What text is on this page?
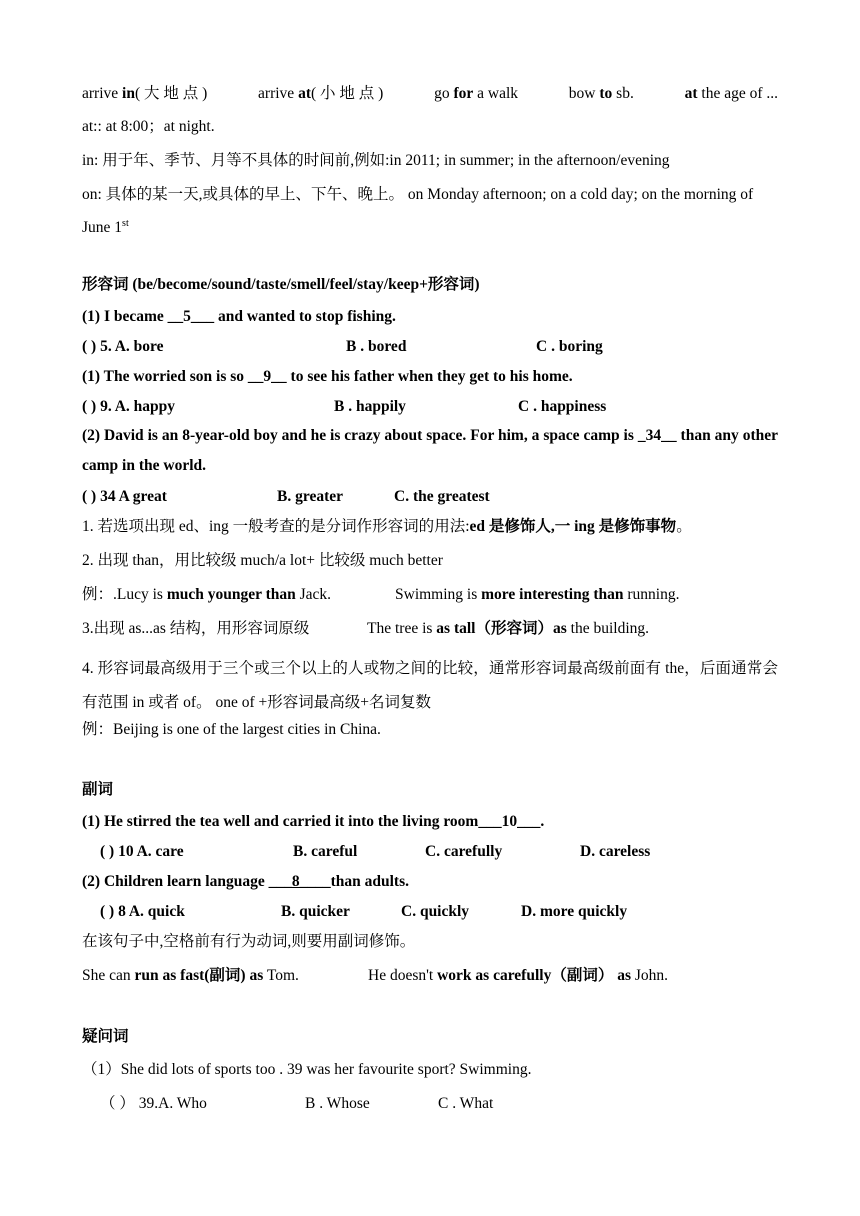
arrive in( 大 地 点 )	arrive at( 小 地 点 )	go for a walk	bow to sb.	at the age of ...
at:: at 8:00；at night.
in: 用于年、季节、月等不具体的时间前,例如:in 2011; in summer; in the afternoon/evening
on: 具体的某一天,或具体的早上、下午、晚上。 on Monday afternoon; on a cold day; on the morning of June 1st
形容词 (be/become/sound/taste/smell/feel/stay/keep+形容词)
(1) I became __5___ and wanted to stop fishing.
( ) 5. A. bore	B . bored	C . boring
(1) The worried son is so __9__ to see his father when they get to his home.
( ) 9. A. happy	B . happily	C . happiness
(2) David is an 8-year-old boy and he is crazy about space. For him, a space camp is _34__ than any other camp in the world.
( ) 34 A great	B. greater	C. the greatest
1. 若选项出现 ed、ing 一般考查的是分词作形容词的用法:ed 是修饰人,一 ing 是修饰事物。
2. 出现 than，用比较级 much/a lot+ 比较级 much better
例：.Lucy is much younger than Jack.	Swimming is more interesting than running.
3.出现 as...as 结构，用形容词原级	The tree is as tall（形容词）as the building.
4. 形容词最高级用于三个或三个以上的人或物之间的比较，通常形容词最高级前面有 the，后面通常会有范围 in 或者 of。 one of +形容词最高级+名词复数
例：Beijing is one of the largest cities in China.
副词
(1) He stirred the tea well and carried it into the living room___10___.
( ) 10 A. care	B. careful	C. carefully	D. careless
(2) Children learn language ___8____than adults.
( ) 8 A. quick	B. quicker	C. quickly	D. more quickly
在该句子中,空格前有行为动词,则要用副词修饰。
She can run as fast(副词) as Tom.	He doesn't work as carefully（副词） as John.
疑问词
（1）She did lots of sports too . 39 was her favourite sport? Swimming.
（ ） 39.A. Who	B . Whose	C . What
